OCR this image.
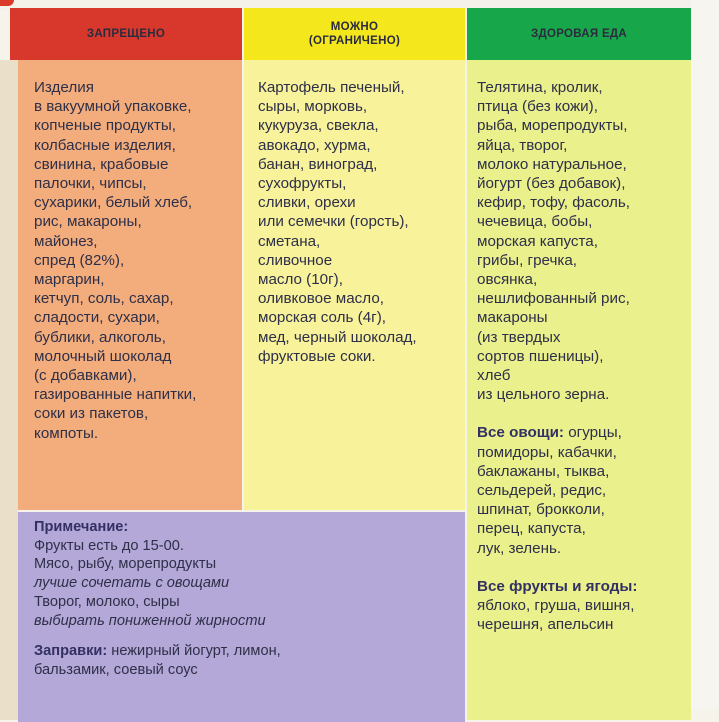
ЗАПРЕЩЕНО
МОЖНО
(ОГРАНИЧЕНО)
ЗДОРОВАЯ ЕДА
Изделия
в вакуумной упаковке,
копченые продукты,
колбасные изделия,
свинина, крабовые
палочки, чипсы,
сухарики, белый хлеб,
рис, макароны,
майонез,
спред (82%),
маргарин,
кетчуп, соль, сахар,
сладости, сухари,
бублики, алкоголь,
молочный шоколад
(с добавками),
газированные напитки,
соки из пакетов,
компоты.
Картофель печеный,
сыры, морковь,
кукуруза, свекла,
авокадо, хурма,
банан, виноград,
сухофрукты,
сливки, орехи
или семечки (горсть),
сметана,
сливочное
масло (10г),
оливковое масло,
морская соль (4г),
мед, черный шоколад,
фруктовые соки.
Телятина, кролик,
птица (без кожи),
рыба, морепродукты,
яйца, творог,
молоко натуральное,
йогурт (без добавок),
кефир, тофу, фасоль,
чечевица, бобы,
морская капуста,
грибы, гречка,
овсянка,
нешлифованный рис,
макароны
(из твердых
сортов пшеницы),
хлеб
из цельного зерна.
Все овощи: огурцы,
помидоры, кабачки,
баклажаны, тыква,
сельдерей, редис,
шпинат, брокколи,
перец, капуста,
лук, зелень.
Все фрукты и ягоды:
яблоко, груша, вишня,
черешня, апельсин
Примечание:
Фрукты есть до 15-00.
Мясо, рыбу, морепродукты
лучше сочетать с овощами
Творог, молоко, сыры
выбирать пониженной жирности
Заправки: нежирный йогурт, лимон,
бальзамик, соевый соус
